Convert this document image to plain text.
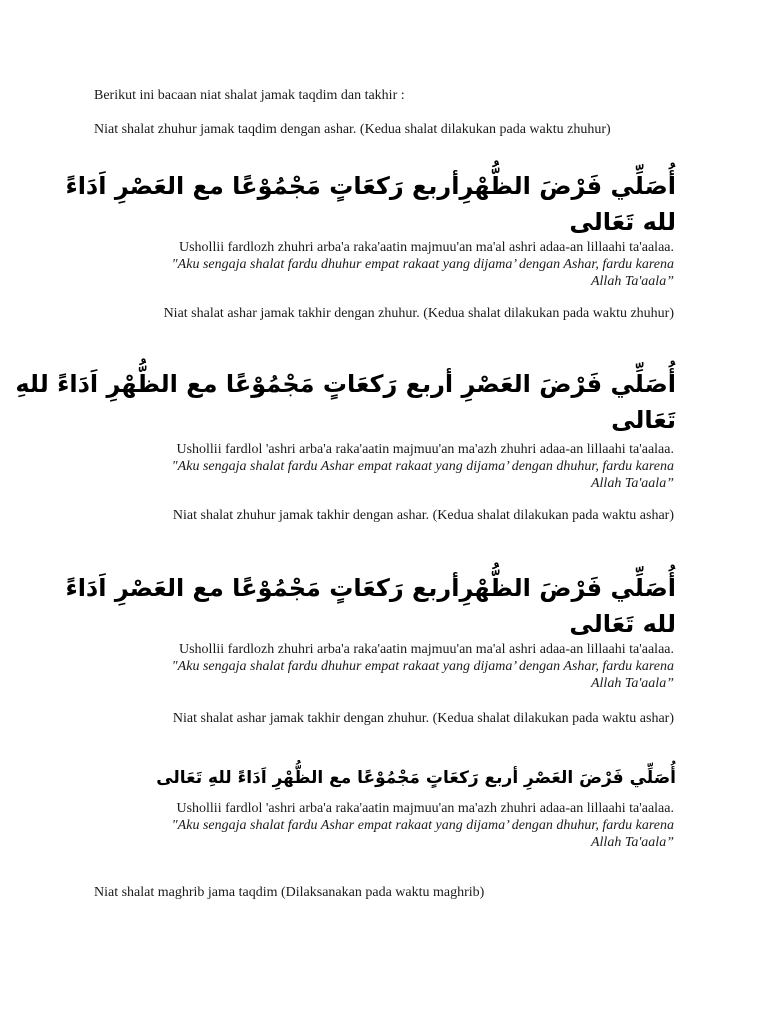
Berikut ini bacaan niat shalat jamak taqdim dan takhir :
Niat shalat zhuhur jamak taqdim dengan ashar. (Kedua shalat dilakukan pada waktu zhuhur)
أُصَلِّي فَرْضَ الظُّهْرِأربع رَكعَاتٍ مَجْمُوْعًا مع العَصْرِ اَدَاءً
لله تَعَالى
Ushollii fardlozh zhuhri arba'a raka'aatin majmuu'an ma'al ashri adaa-an lillaahi ta'aalaa.
"Aku sengaja shalat fardu dhuhur empat rakaat yang dijama’ dengan Ashar, fardu karena
Allah Ta'aala”
Niat shalat ashar jamak takhir dengan zhuhur. (Kedua shalat dilakukan pada waktu zhuhur)
أُصَلِّي فَرْضَ العَصْرِ أربع رَكعَاتٍ مَجْمُوْعًا مع الظُّهْرِ اَدَاءً للهِ
تَعَالى
Ushollii fardlol 'ashri arba'a raka'aatin majmuu'an ma'azh zhuhri adaa-an lillaahi ta'aalaa.
"Aku sengaja shalat fardu Ashar empat rakaat yang dijama’ dengan dhuhur, fardu karena
Allah Ta'aala”
Niat shalat zhuhur jamak takhir dengan ashar. (Kedua shalat dilakukan pada waktu ashar)
أُصَلِّي فَرْضَ الظُّهْرِأربع رَكعَاتٍ مَجْمُوْعًا مع العَصْرِ اَدَاءً
لله تَعَالى
Ushollii fardlozh zhuhri arba'a raka'aatin majmuu'an ma'al ashri adaa-an lillaahi ta'aalaa.
"Aku sengaja shalat fardu dhuhur empat rakaat yang dijama’ dengan Ashar, fardu karena
Allah Ta'aala”
Niat shalat ashar jamak takhir dengan zhuhur. (Kedua shalat dilakukan pada waktu ashar)
أُصَلِّي فَرْضَ العَصْرِ أربع رَكعَاتٍ مَجْمُوْعًا مع الظُّهْرِ اَدَاءً للهِ تَعَالى
Ushollii fardlol 'ashri arba'a raka'aatin majmuu'an ma'azh zhuhri adaa-an lillaahi ta'aalaa.
"Aku sengaja shalat fardu Ashar empat rakaat yang dijama’ dengan dhuhur, fardu karena
Allah Ta'aala”
Niat shalat maghrib jama taqdim (Dilaksanakan pada waktu maghrib)
